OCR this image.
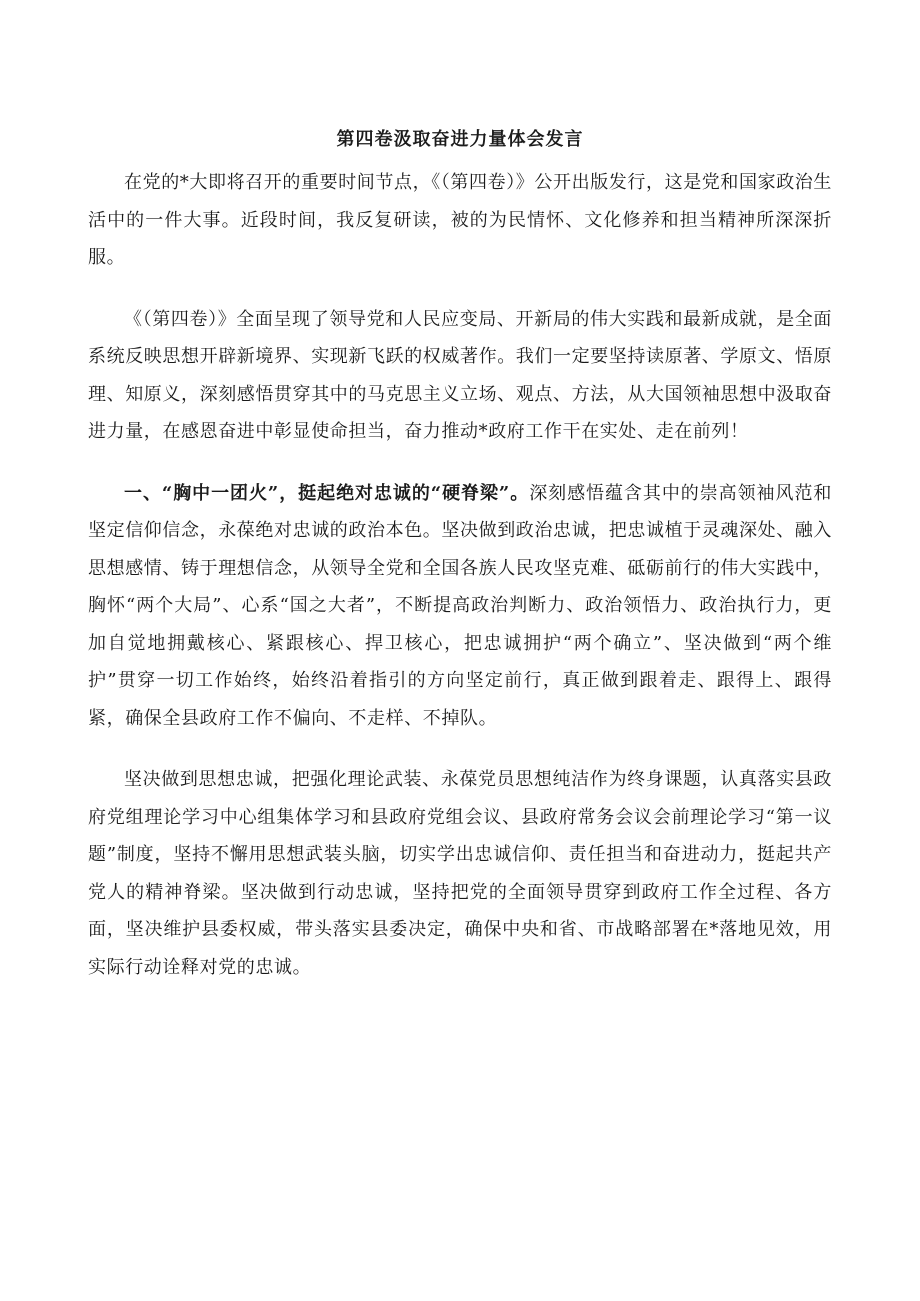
第四卷汲取奋进力量体会发言

在党的*大即将召开的重要时间节点，《（第四卷）》公开出版发行，这是党和国家政治生活中的一件大事。近段时间，我反复研读，被的为民情怀、文化修养和担当精神所深深折服。

《（第四卷）》全面呈现了领导党和人民应变局、开新局的伟大实践和最新成就，是全面系统反映思想开辟新境界、实现新飞跃的权威著作。我们一定要坚持读原著、学原文、悟原理、知原义，深刻感悟贯穿其中的马克思主义立场、观点、方法，从大国领袖思想中汲取奋进力量，在感恩奋进中彰显使命担当，奋力推动*政府工作干在实处、走在前列！

一、“胸中一团火”，挺起绝对忠诚的“硬脊梁”。深刻感悟蕴含其中的崇高领袖风范和坚定信仰信念，永葆绝对忠诚的政治本色。坚决做到政治忠诚，把忠诚植于灵魂深处、融入思想感情、铸于理想信念，从领导全党和全国各族人民攻坚克难、砥砺前行的伟大实践中，胸怀“两个大局”、心系“国之大者”，不断提高政治判断力、政治领悟力、政治执行力，更加自觉地拥戴核心、紧跟核心、捍卫核心，把忠诚拥护“两个确立”、坚决做到“两个维护”贯穿一切工作始终，始终沿着指引的方向坚定前行，真正做到跟着走、跟得上、跟得紧，确保全县政府工作不偏向、不走样、不掉队。

坚决做到思想忠诚，把强化理论武装、永葆党员思想纯洁作为终身课题，认真落实县政府党组理论学习中心组集体学习和县政府党组会议、县政府常务会议会前理论学习“第一议题”制度，坚持不懈用思想武装头脑，切实学出忠诚信仰、责任担当和奋进动力，挺起共产党人的精神脊梁。坚决做到行动忠诚，坚持把党的全面领导贯穿到政府工作全过程、各方面，坚决维护县委权威，带头落实县委决定，确保中央和省、市战略部署在*落地见效，用实际行动诠释对党的忠诚。
